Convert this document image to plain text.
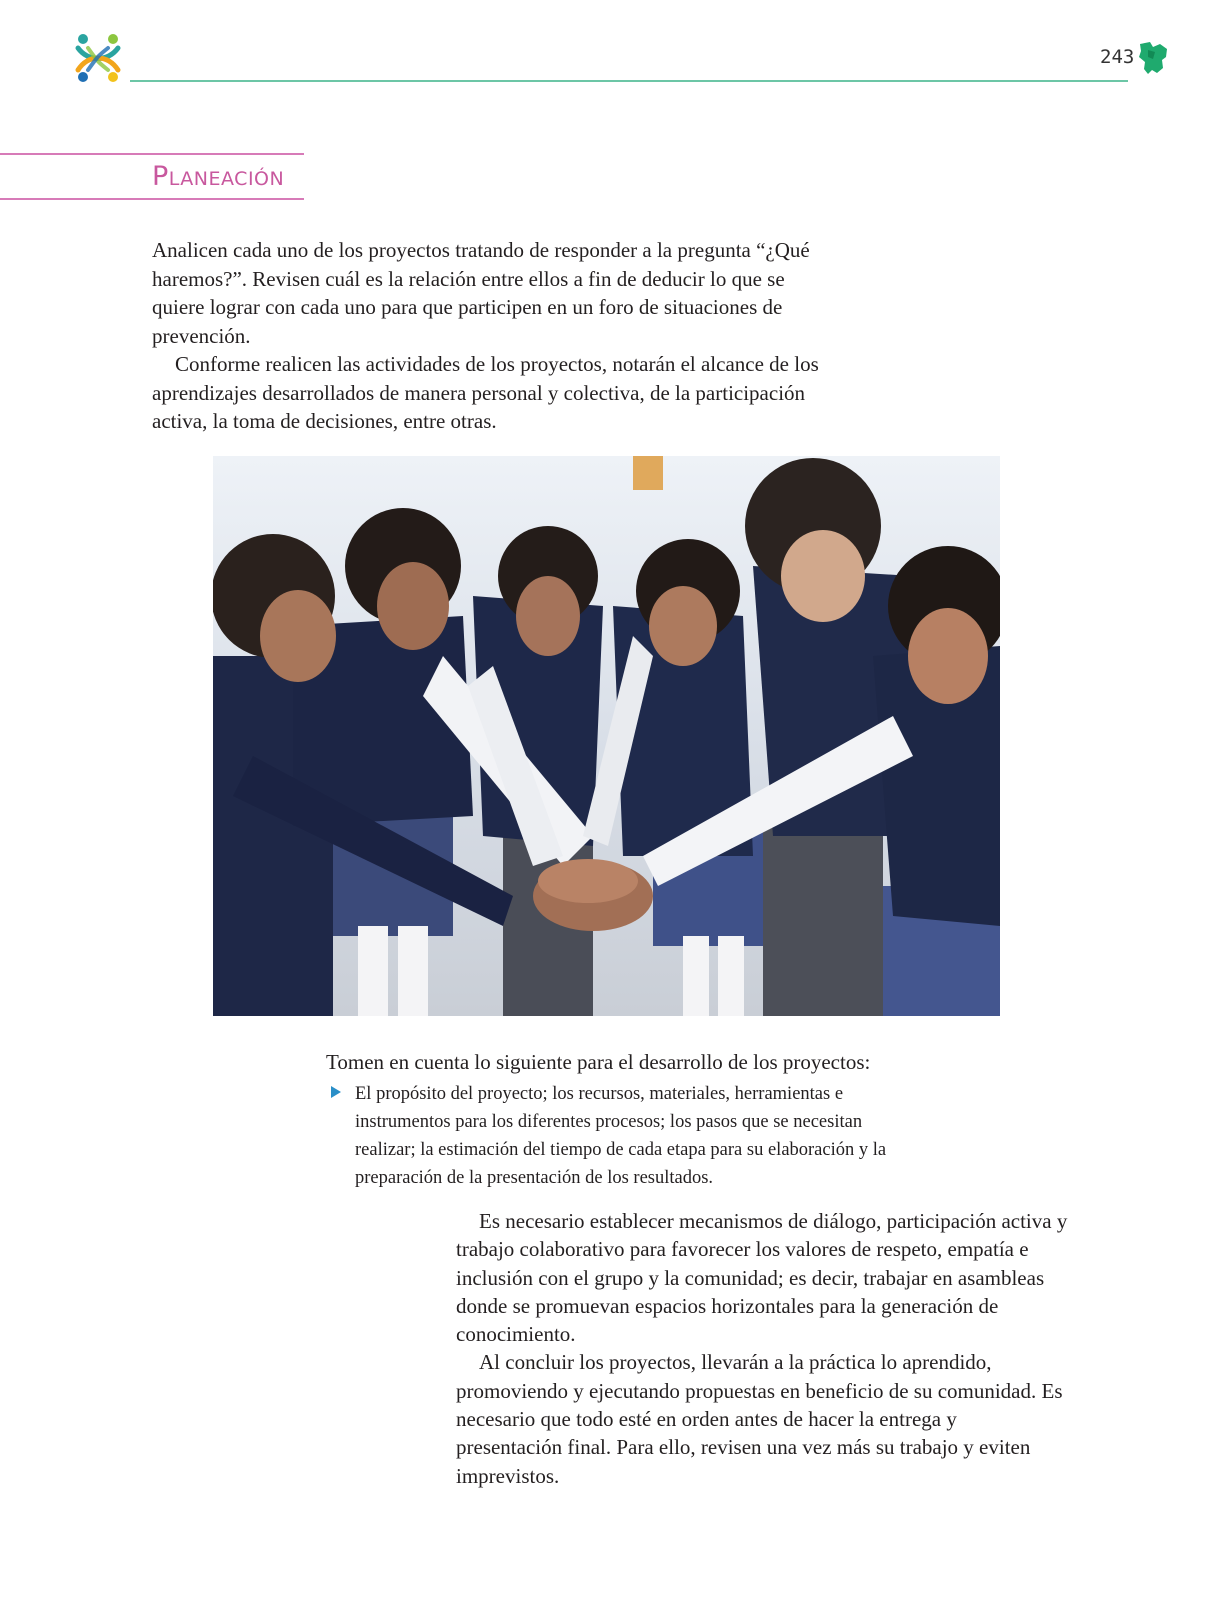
243
Planeación

Analicen cada uno de los proyectos tratando de responder a la pregunta “¿Qué haremos?”. Revisen cuál es la relación entre ellos a fin de deducir lo que se quiere lograr con cada uno para que participen en un foro de situaciones de prevención.

Conforme realicen las actividades de los proyectos, notarán el alcance de los aprendizajes desarrollados de manera personal y colectiva, de la participación activa, la toma de decisiones, entre otras.

Tomen en cuenta lo siguiente para el desarrollo de los proyectos:

El propósito del proyecto; los recursos, materiales, herramientas e instrumentos para los diferentes procesos; los pasos que se necesitan realizar; la estimación del tiempo de cada etapa para su elaboración y la preparación de la presentación de los resultados.

Es necesario establecer mecanismos de diálogo, participación activa y trabajo colaborativo para favorecer los valores de respeto, empatía e inclusión con el grupo y la comunidad; es decir, trabajar en asambleas donde se promuevan espacios horizontales para la generación de conocimiento.

Al concluir los proyectos, llevarán a la práctica lo aprendido, promoviendo y ejecutando propuestas en beneficio de su comunidad. Es necesario que todo esté en orden antes de hacer la entrega y presentación final. Para ello, revisen una vez más su trabajo y eviten imprevistos.
